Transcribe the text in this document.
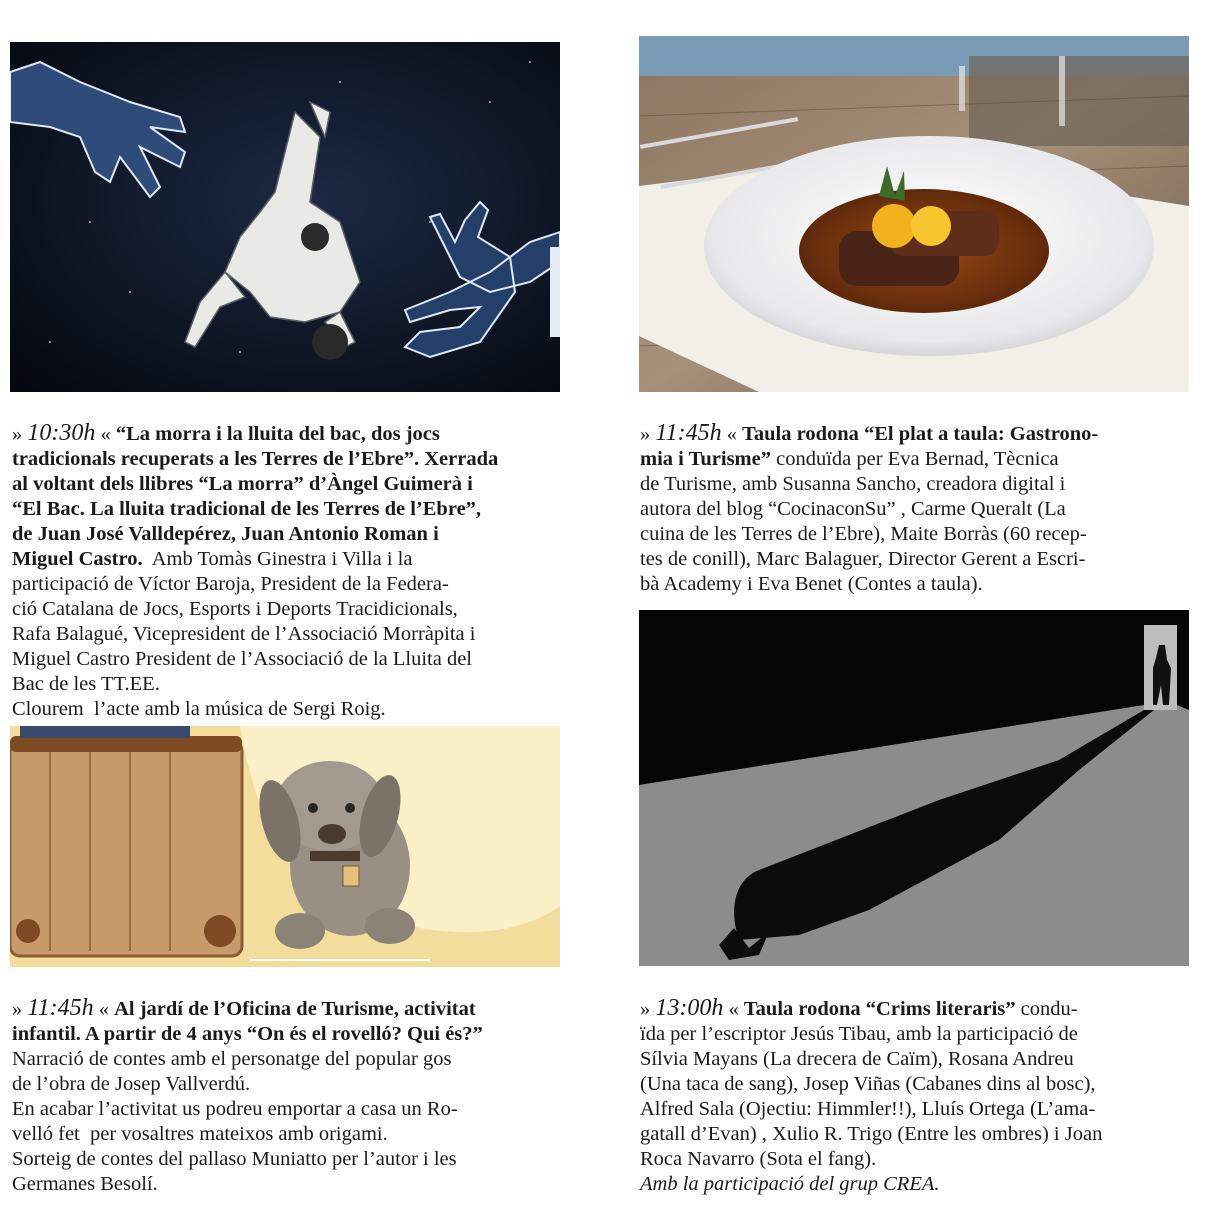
» 10:30h « “La morra i la lluita del bac, dos jocs
tradicionals recuperats a les Terres de l’Ebre”. Xerrada
al voltant dels llibres “La morra” d’Àngel Guimerà i
“El Bac. La lluita tradicional de les Terres de l’Ebre”,
de Juan José Valldepérez, Juan Antonio Roman i
Miguel Castro.  Amb Tomàs Ginestra i Villa i la
participació de Víctor Baroja, President de la Federa-
ció Catalana de Jocs, Esports i Deports Tracidicionals,
Rafa Balagué, Vicepresident de l’Associació Morràpita i
Miguel Castro President de l’Associació de la Lluita del
Bac de les TT.EE.
Clourem  l’acte amb la música de Sergi Roig.
» 11:45h « Taula rodona “El plat a taula: Gastrono-
mia i Turisme” conduïda per Eva Bernad, Tècnica
de Turisme, amb Susanna Sancho, creadora digital i
autora del blog “CocinaconSu” , Carme Queralt (La
cuina de les Terres de l’Ebre), Maite Borràs (60 recep-
tes de conill), Marc Balaguer, Director Gerent a Escri-
bà Academy i Eva Benet (Contes a taula).
» 11:45h « Al jardí de l’Oficina de Turisme, activitat
infantil. A partir de 4 anys “On és el rovelló? Qui és?”
Narració de contes amb el personatge del popular gos
de l’obra de Josep Vallverdú.
En acabar l’activitat us podreu emportar a casa un Ro-
velló fet  per vosaltres mateixos amb origami.
Sorteig de contes del pallaso Muniatto per l’autor i les
Germanes Besolí.
» 13:00h « Taula rodona “Crims literaris” condu-
ïda per l’escriptor Jesús Tibau, amb la participació de
Sílvia Mayans (La drecera de Caïm), Rosana Andreu
(Una taca de sang), Josep Viñas (Cabanes dins al bosc),
Alfred Sala (Ojectiu: Himmler!!), Lluís Ortega (L’ama-
gatall d’Evan) , Xulio R. Trigo (Entre les ombres) i Joan
Roca Navarro (Sota el fang).
Amb la participació del grup CREA.
